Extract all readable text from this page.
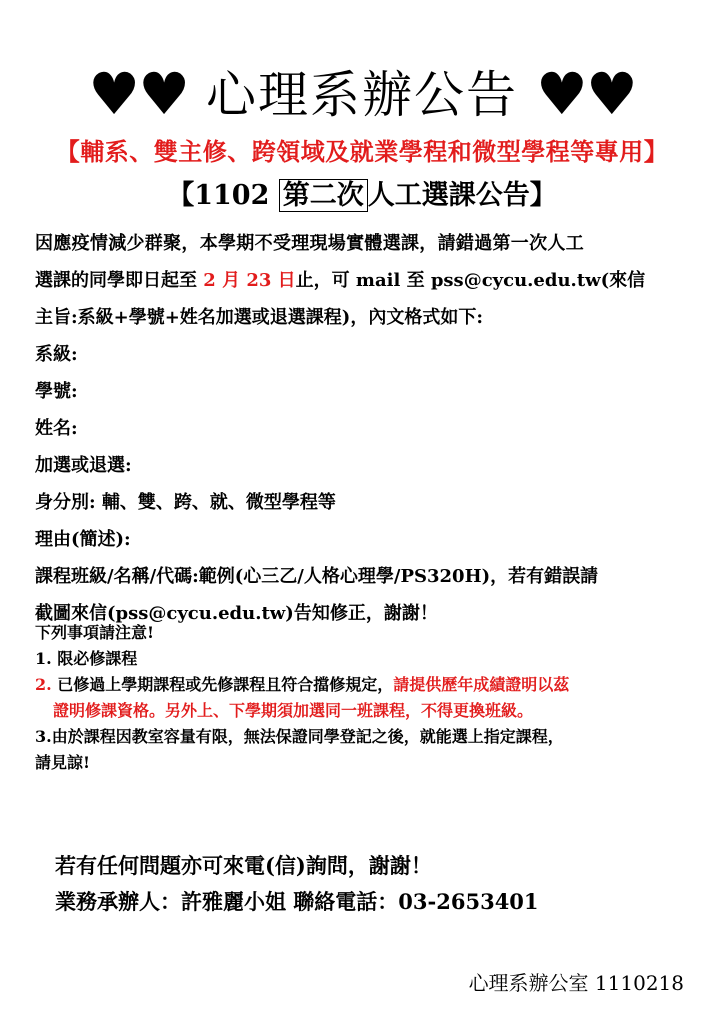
♥♥ 心理系辦公告 ♥♥
【輔系、雙主修、跨領域及就業學程和微型學程等專用】
【1102 第二次 人工選課公告】
因應疫情減少群聚，本學期不受理現場實體選課，請錯過第一次人工
選課的同學即日起至 2 月 23 日止，可 mail 至 pss@cycu.edu.tw(來信
主旨:系級+學號+姓名加選或退選課程)，內文格式如下:
系級:
學號:
姓名:
加選或退選:
身分別: 輔、雙、跨、就、微型學程等
理由(簡述):
課程班級/名稱/代碼:範例(心三乙/人格心理學/PS320H)，若有錯誤請
截圖來信(pss@cycu.edu.tw)告知修正，謝謝！
下列事項請注意!
1. 限必修課程
2. 已修過上學期課程或先修課程且符合擋修規定，請提供歷年成績證明以茲
證明修課資格。另外上、下學期須加選同一班課程，不得更換班級。
3.由於課程因教室容量有限，無法保證同學登記之後，就能選上指定課程，
請見諒!
若有任何問題亦可來電(信)詢問，謝謝！
業務承辦人：許雅麗小姐 聯絡電話：03-2653401
心理系辦公室 1110218
